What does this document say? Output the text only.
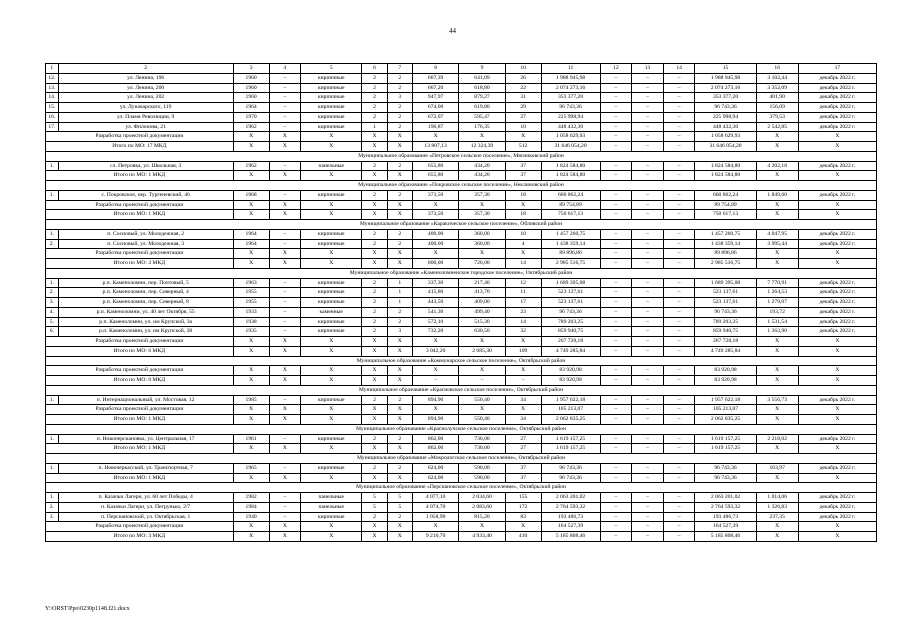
44
1	2	3	4	5	6	7	8	9	10	11	12	13	14	15	16	17
12.	ул. Ленина, 196	1960	–	кирпичные	2	2	667,39	641,09	26	1 988 945,98	–	–	–	1 988 945,98	3 102,44	декабрь 2022 г.
13.	ул. Ленина, 200	1960	–	кирпичные	2	2	667,20	618,80	22	2 074 273,16	–	–	–	2 074 273,16	3 352,09	декабрь 2022 г.
14.	ул. Ленина, 202	1960	–	кирпичные	2	3	947,97	879,27	31	353 377,20	–	–	–	353 377,20	401,90	декабрь 2022 г.
15.	ул. Луначарского, 119	1964	–	кирпичные	2	2	674,00	619,80	29	96 743,36	–	–	–	96 743,36	156,09	декабрь 2022 г.
16.	ул. Пламя Революции, 9	1970	–	кирпичные	2	2	672,07	595,47	27	225 998,94	–	–	–	225 998,94	379,53	декабрь 2022 г.
17.	ул. Филонова, 21	1962	–	кирпичные	1	2	196,87	176,35	10	448 432,30	–	–	–	448 432,30	2 542,85	декабрь 2022 г.
Разработка проектной документации		X	X	X	X	X	X	X	X	1 058 629,93	–	–	–	1 058 629,93	X	X
Итого по МО: 17 МКД		X	X	X	X	X	13 807,13	12 324,39	512	31 646 054,20	–	–	–	31 646 054,20	X	X
Муниципальное образование «Петровское сельское поселение», Мясниковский район																
1.	сл. Петровка, ул. Школьная, 3	1962	–	панельные	2	2	655,80	434,20	37	1 824 584,80	–	–	–	1 824 584,80	4 202,18	декабрь 2022 г.
Итого по МО: 1 МКД		X	X	X	X	X	655,80	434,20	37	1 824 584,80	–	–	–	1 824 584,80	X	X
Муниципальное образование «Покровское сельское поселение», Неклиновский район																
1.	с. Покровское, пер. Тургеневский, 46	1968	–	кирпичные	2	2	373,50	357,30	18	660 862,24	–	–	–	660 862,24	1 849,60	декабрь 2022 г.
Разработка проектной документации		X	X	X	X	X	X	X	X	89 754,89	–	–	–	89 754,89	X	X
Итого по МО: 1 МКД		X	X	X	X	X	373,50	357,30	18	750 617,13	–	–	–	750 617,13	X	X
Муниципальное образование «Каракическое сельское поселение», Обливский район																
1.	п. Сосновый, ул. Молодежная, 2	1964	–	кирпичные	2	2	400,00	360,00	10	1 457 260,75	–	–	–	1 457 260,75	4 047,95	декабрь 2022 г.
2.	п. Сосновый, ул. Молодежная, 3	1964	–	кирпичные	2	2	400,00	360,00	4	1 438 359,14	–	–	–	1 438 359,14	3 995,44	декабрь 2022 г.
Разработка проектной документации		X	X	X	X	X	X	X	X	89 896,86	–	–	–	89 896,86	X	X
Итого по МО: 2 МКД		X	X	X	X	X	800,00	720,00	14	2 985 516,75	–	–	–	2 985 516,75	X	X
Муниципальное образование «Каменоломненское городское поселение», Октябрьский район																
1.	р.п. Каменоломни, пер. Почтовый, 5	1963	–	кирпичные	2	1	337,30	217,40	12	1 689 395,08	–	–	–	1 689 395,08	7 770,91	декабрь 2022 г.
2.	р.п. Каменоломни, пер. Северный, 4	1955	–	кирпичные	2	1	415,80	413,70	11	523 137,61	–	–	–	523 137,61	1 264,53	декабрь 2022 г.
3.	р.п. Каменоломни, пер. Северный, 8	1955	–	кирпичные	2	1	443,50	409,00	17	523 137,61	–	–	–	523 137,61	1 279,07	декабрь 2022 г.
4.	р.п. Каменоломни, ул. 40 лет Октября, 55	1933	–	каменные	2	2	541,30	499,40	23	96 743,36	–	–	–	96 743,36	193,72	декабрь 2022 г.
5.	р.п. Каменоломни, ул. им Крупской, 3а	1938	–	кирпичные	2	2	572,10	515,30	14	789 203,25	–	–	–	789 203,25	1 531,54	декабрь 2022 г.
6.	р.п. Каменоломни, ул. им Крупской, 38	1935	–	кирпичные	2	3	732,20	630,50	32	859 940,75	–	–	–	859 940,75	1 363,90	декабрь 2022 г.
Разработка проектной документации		X	X	X	X	X	X	X	X	267 728,18	–	–	–	267 728,18	X	X
Итого по МО: 6 МКД		X	X	X	X	X	3 042,20	2 685,30	109	4 749 285,84	–	–	–	4 749 285,84	X	X
Муниципальное образование «Коммунарское сельское поселение», Октябрьский район																
Разработка проектной документации		X	X	X	X	X	X	X	X	83 920,98	–	–	–	83 920,98	X	X
Итого по МО: 0 МКД		X	X	X	X	X	–	–	–	83 920,98	–	–	–	83 920,98	X	X
Муниципальное образование «Красновское сельское поселение», Октябрьский район																
1.	п. Интернациональный, ул. Мостовая, 12	1985	–	кирпичные	2	2	894,90	550,40	34	1 957 622,18	–	–	–	1 957 622,18	3 556,73	декабрь 2022 г.
Разработка проектной документации		X	X	X	X	X	X	X	X	105 213,07	–	–	–	105 213,07	X	X
Итого по МО: 1 МКД		X	X	X	X	X	894,90	550,40	34	2 062 835,25	–	–	–	2 062 835,25	X	X
Муниципальное образование «Краснолучское сельское поселение», Октябрьский район																
1.	п. Новоперсиановка, ул. Центральная, 17	1961	–	кирпичные	2	2	862,00	730,00	27	1 619 157,25	–	–	–	1 619 157,25	2 218,02	декабрь 2022 г.
Итого по МО: 1 МКД		X	X	X	X	X	862,00	730,00	27	1 619 157,25	–	–	–	1 619 157,25	X	X
Муниципальное образование «Мокрологское сельское поселение», Октябрьский район																
1.	п. Новочеркасский, ул. Транспортная, 7	1965	–	кирпичные	2	2	624,00	590,00	37	96 743,36	–	–	–	96 743,36	163,97	декабрь 2022 г.
Итого по МО: 1 МКД		X	X	X	X	X	624,00	590,00	37	96 743,36	–	–	–	96 743,36	X	X
Муниципальное образование «Персиановское сельское поселение», Октябрьский район																
1.	п. Казачьи Лагери, ул. 60 лет Победы, 4	1982	–	панельные	5	5	4 077,10	2 034,60	155	2 063 201,02	–	–	–	2 063 201,02	1 014,06	декабрь 2022 г.
2.	п. Казачьи Лагери, ул. Петрунько, 2/7	1984	–	панельные	5	5	4 074,70	2 083,60	172	2 764 593,32	–	–	–	2 764 593,32	1 326,83	декабрь 2022 г.
3.	п. Персиановский, ул. Октябрьская, 1	1940	–	кирпичные	2	2	1 058,90	815,20	83	193 486,73	–	–	–	193 486,73	237,35	декабрь 2022 г.
Разработка проектной документации		X	X	X	X	X	X	X	X	164 527,39	–	–	–	164 527,39	X	X
Итого по МО: 3 МКД		X	X	X	X	X	9 210,70	4 933,40	410	5 185 808,46	–	–	–	5 185 808,46	X	X
Y:\ORST\Ppo\0230p1148.f21.docx
